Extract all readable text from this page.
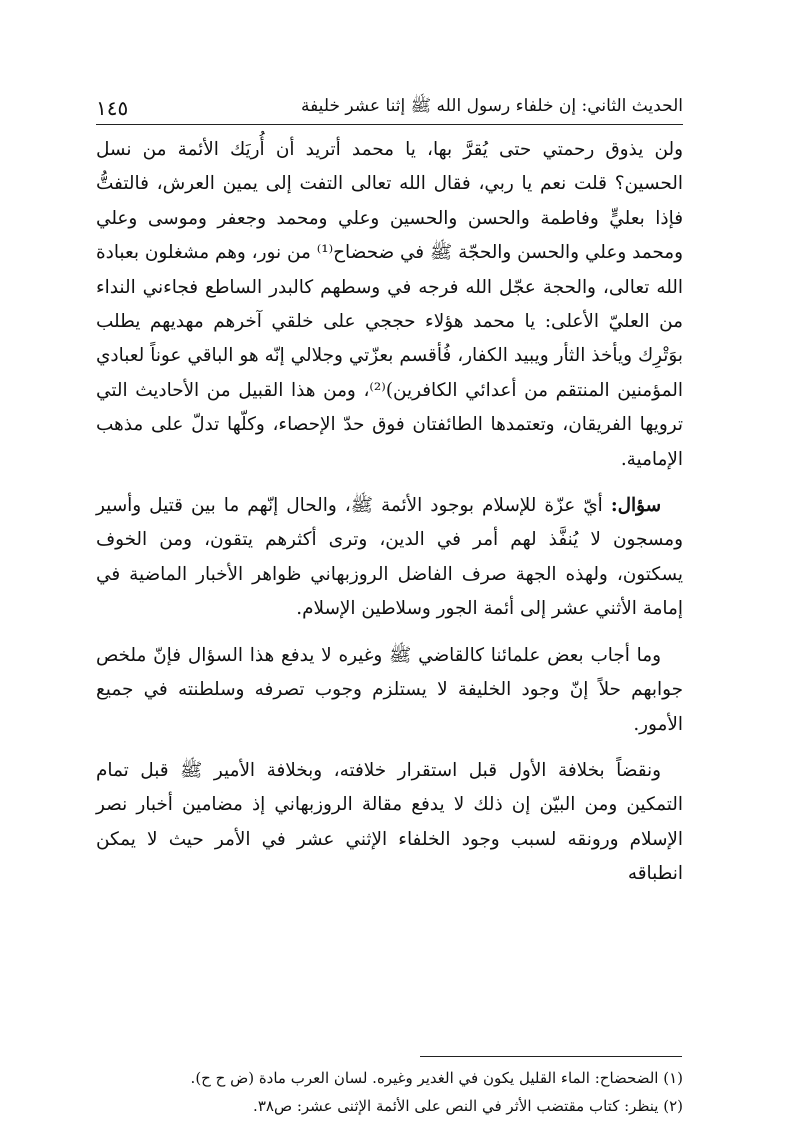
الحديث الثاني: إن خلفاء رسول الله ﷺ إثنا عشر خليفة
١٤٥

ولن يذوق رحمتي حتى يُقرَّ بها، يا محمد أتريد أن أُريَك الأئمة من نسل الحسين؟ قلت نعم يا ربي، فقال الله تعالى التفت إلى يمين العرش، فالتفتُّ فإذا بعليٍّ وفاطمة والحسن والحسين وعلي ومحمد وجعفر وموسى وعلي ومحمد وعلي والحسن والحجّة ﷺ في ضحضاح⁽¹⁾ من نور، وهم مشغلون بعبادة الله تعالى، والحجة عجّل الله فرجه في وسطهم كالبدر الساطع فجاءني النداء من العليّ الأعلى: يا محمد هؤلاء حججي على خلقي آخرهم مهديهم يطلب بوَتْرِك ويأخذ الثأر ويبيد الكفار، فُأقسم بعزّتي وجلالي إنّه هو الباقي عوناً لعبادي المؤمنين المنتقم من أعدائي الكافرين)⁽²⁾، ومن هذا القبيل من الأحاديث التي ترويها الفريقان، وتعتمدها الطائفتان فوق حدّ الإحصاء، وكلّها تدلّ على مذهب الإمامية.

سؤال: أيّ عزّة للإسلام بوجود الأئمة ﷺ، والحال إنّهم ما بين قتيل وأسير ومسجون لا يُنفَّذ لهم أمر في الدين، وترى أكثرهم يتقون، ومن الخوف يسكتون، ولهذه الجهة صرف الفاضل الروزبهاني ظواهر الأخبار الماضية في إمامة الأثني عشر إلى أئمة الجور وسلاطين الإسلام.

وما أجاب بعض علمائنا كالقاضي ﷺ وغيره لا يدفع هذا السؤال فإنّ ملخص جوابهم حلاً إنّ وجود الخليفة لا يستلزم وجوب تصرفه وسلطنته في جميع الأمور.

ونقضاً بخلافة الأول قبل استقرار خلافته، وبخلافة الأمير ﷺ قبل تمام التمكين ومن البيّن إن ذلك لا يدفع مقالة الروزبهاني إذ مضامين أخبار نصر الإسلام ورونقه لسبب وجود الخلفاء الإثني عشر في الأمر حيث لا يمكن انطباقه

(١) الضحضاح: الماء القليل يكون في الغدير وغيره. لسان العرب مادة (ض ح ح).

(٢) ينظر: كتاب مقتضب الأثر في النص على الأئمة الإثنى عشر: ص٣٨.
